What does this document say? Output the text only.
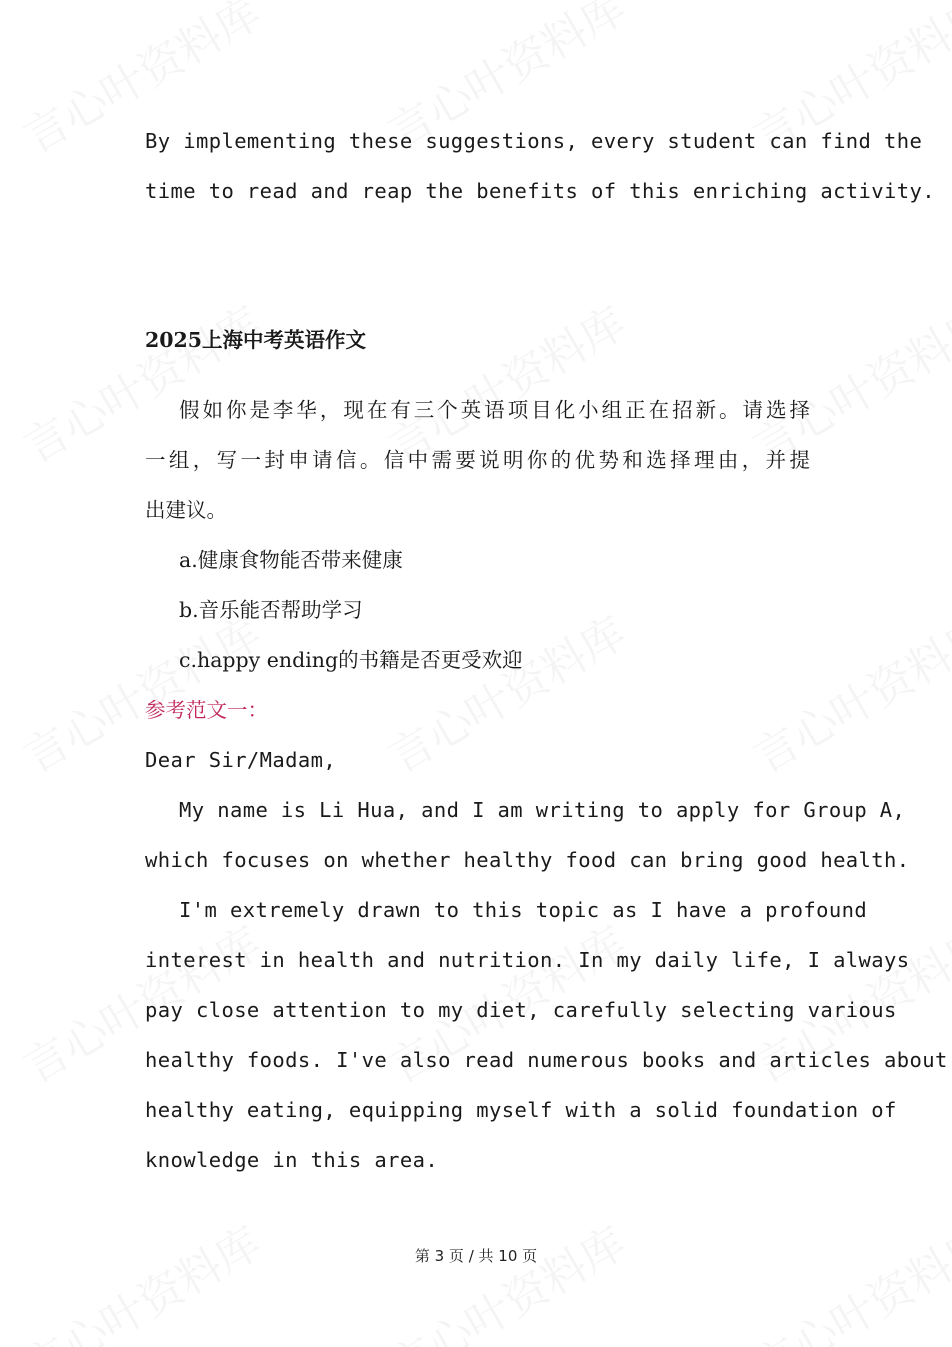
By implementing these suggestions, every student can find the
time to read and reap the benefits of this enriching activity.
2025上海中考英语作文
假如你是李华，现在有三个英语项目化小组正在招新。请选择
一组，写一封申请信。信中需要说明你的优势和选择理由，并提
出建议。
a.健康食物能否带来健康
b.音乐能否帮助学习
c.happy ending的书籍是否更受欢迎
参考范文一：
Dear Sir/Madam,
My name is Li Hua, and I am writing to apply for Group A,
which focuses on whether healthy food can bring good health.
I'm extremely drawn to this topic as I have a profound
interest in health and nutrition. In my daily life, I always
pay close attention to my diet, carefully selecting various
healthy foods. I've also read numerous books and articles about
healthy eating, equipping myself with a solid foundation of
knowledge in this area.
第 3 页 / 共 10 页
